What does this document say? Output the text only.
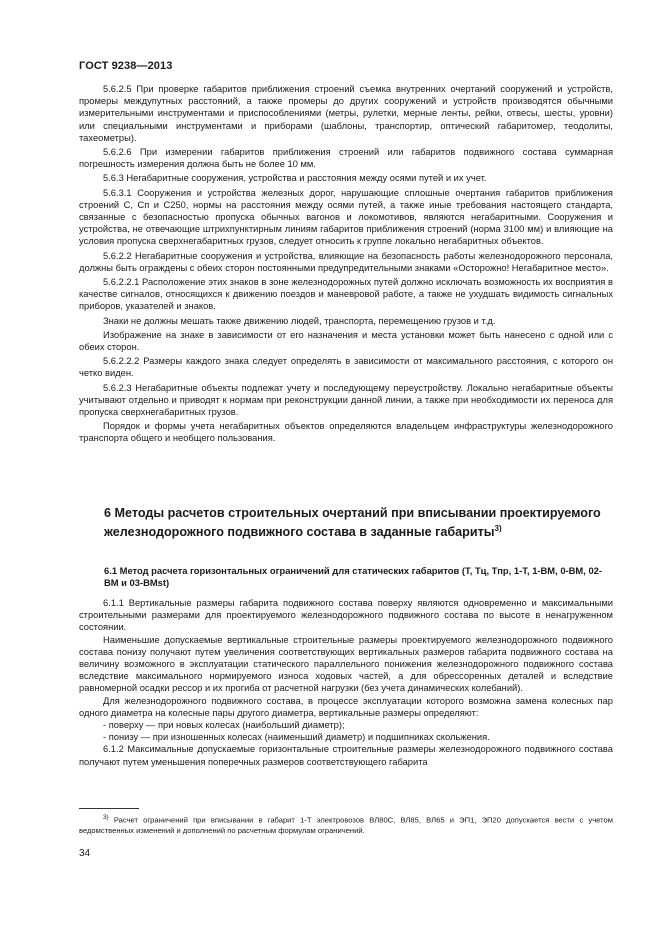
ГОСТ 9238—2013

5.6.2.5 При проверке габаритов приближения строений съемка внутренних очертаний сооружений и устройств, промеры междупутных расстояний, а также промеры до других сооружений и устройств производятся обычными измерительными инструментами и приспособлениями (метры, рулетки, мерные ленты, рейки, отвесы, шесты, уровни) или специальными инструментами и приборами (шаблоны, транспортир, оптический габаритомер, теодолиты, тахеометры).

5.6.2.6 При измерении габаритов приближения строений или габаритов подвижного состава суммарная погрешность измерения должна быть не более 10 мм.

5.6.3 Негабаритные сооружения, устройства и расстояния между осями путей и их учет.

5.6.3.1 Сооружения и устройства железных дорог, нарушающие сплошные очертания габаритов приближения строений С, Сп и С250, нормы на расстояния между осями путей, а также иные требования настоящего стандарта, связанные с безопасностью пропуска обычных вагонов и локомотивов, являются негабаритными. Сооружения и устройства, не отвечающие штрихпунктирным линиям габаритов приближения строений (норма 3100 мм) и влияющие на условия пропуска сверхнегабаритных грузов, следует относить к группе локально негабаритных объектов.

5.6.2.2 Негабаритные сооружения и устройства, влияющие на безопасность работы железнодорожного персонала, должны быть ограждены с обеих сторон постоянными предупредительными знаками «Осторожно! Негабаритное место».

5.6.2.2.1 Расположение этих знаков в зоне железнодорожных путей должно исключать возможность их восприятия в качестве сигналов, относящихся к движению поездов и маневровой работе, а также не ухудшать видимость сигнальных приборов, указателей и знаков.

Знаки не должны мешать также движению людей, транспорта, перемещению грузов и т.д.

Изображение на знаке в зависимости от его назначения и места установки может быть нанесено с одной или с обеих сторон.

5.6.2.2.2 Размеры каждого знака следует определять в зависимости от максимального расстояния, с которого он четко виден.

5.6.2.3 Негабаритные объекты подлежат учету и последующему переустройству. Локально негабаритные объекты учитывают отдельно и приводят к нормам при реконструкции данной линии, а также при необходимости их переноса для пропуска сверхнегабаритных грузов.

Порядок и формы учета негабаритных объектов определяются владельцем инфраструктуры железнодорожного транспорта общего и необщего пользования.

6 Методы расчетов строительных очертаний при вписывании проектируемого железнодорожного подвижного состава в заданные габариты$^{3)}$
6.1 Метод расчета горизонтальных ограничений для статических габаритов (Т, Тц, Тпр, 1-Т, 1-ВМ, 0-ВМ, 02-ВМ и 03-ВМst)

6.1.1 Вертикальные размеры габарита подвижного состава поверху являются одновременно и максимальными строительными размерами для проектируемого железнодорожного подвижного состава по высоте в ненагруженном состоянии.

Наименьшие допускаемые вертикальные строительные размеры проектируемого железнодорожного подвижного состава понизу получают путем увеличения соответствующих вертикальных размеров габарита подвижного состава на величину возможного в эксплуатации статического параллельного понижения железнодорожного подвижного состава вследствие максимального нормируемого износа ходовых частей, а для обрессоренных деталей и вследствие равномерной осадки рессор и их прогиба от расчетной нагрузки (без учета динамических колебаний).

Для железнодорожного подвижного состава, в процессе эксплуатации которого возможна замена колесных пар одного диаметра на колесные пары другого диаметра, вертикальные размеры определяют:

- поверху — при новых колесах (наибольший диаметр);

- понизу — при изношенных колесах (наименьший диаметр) и подшипниках скольжения.

6.1.2 Максимальные допускаемые горизонтальные строительные размеры железнодорожного подвижного состава получают путем уменьшения поперечных размеров соответствующего габарита

$^{3)}$ Расчет ограничений при вписывании в габарит 1-Т электровозов ВЛ80С, ВЛ85, ВЛ65 и ЭП1, ЭП20 допускается вести с учетом ведомственных изменений и дополнений по расчетным формулам ограничений.
34
